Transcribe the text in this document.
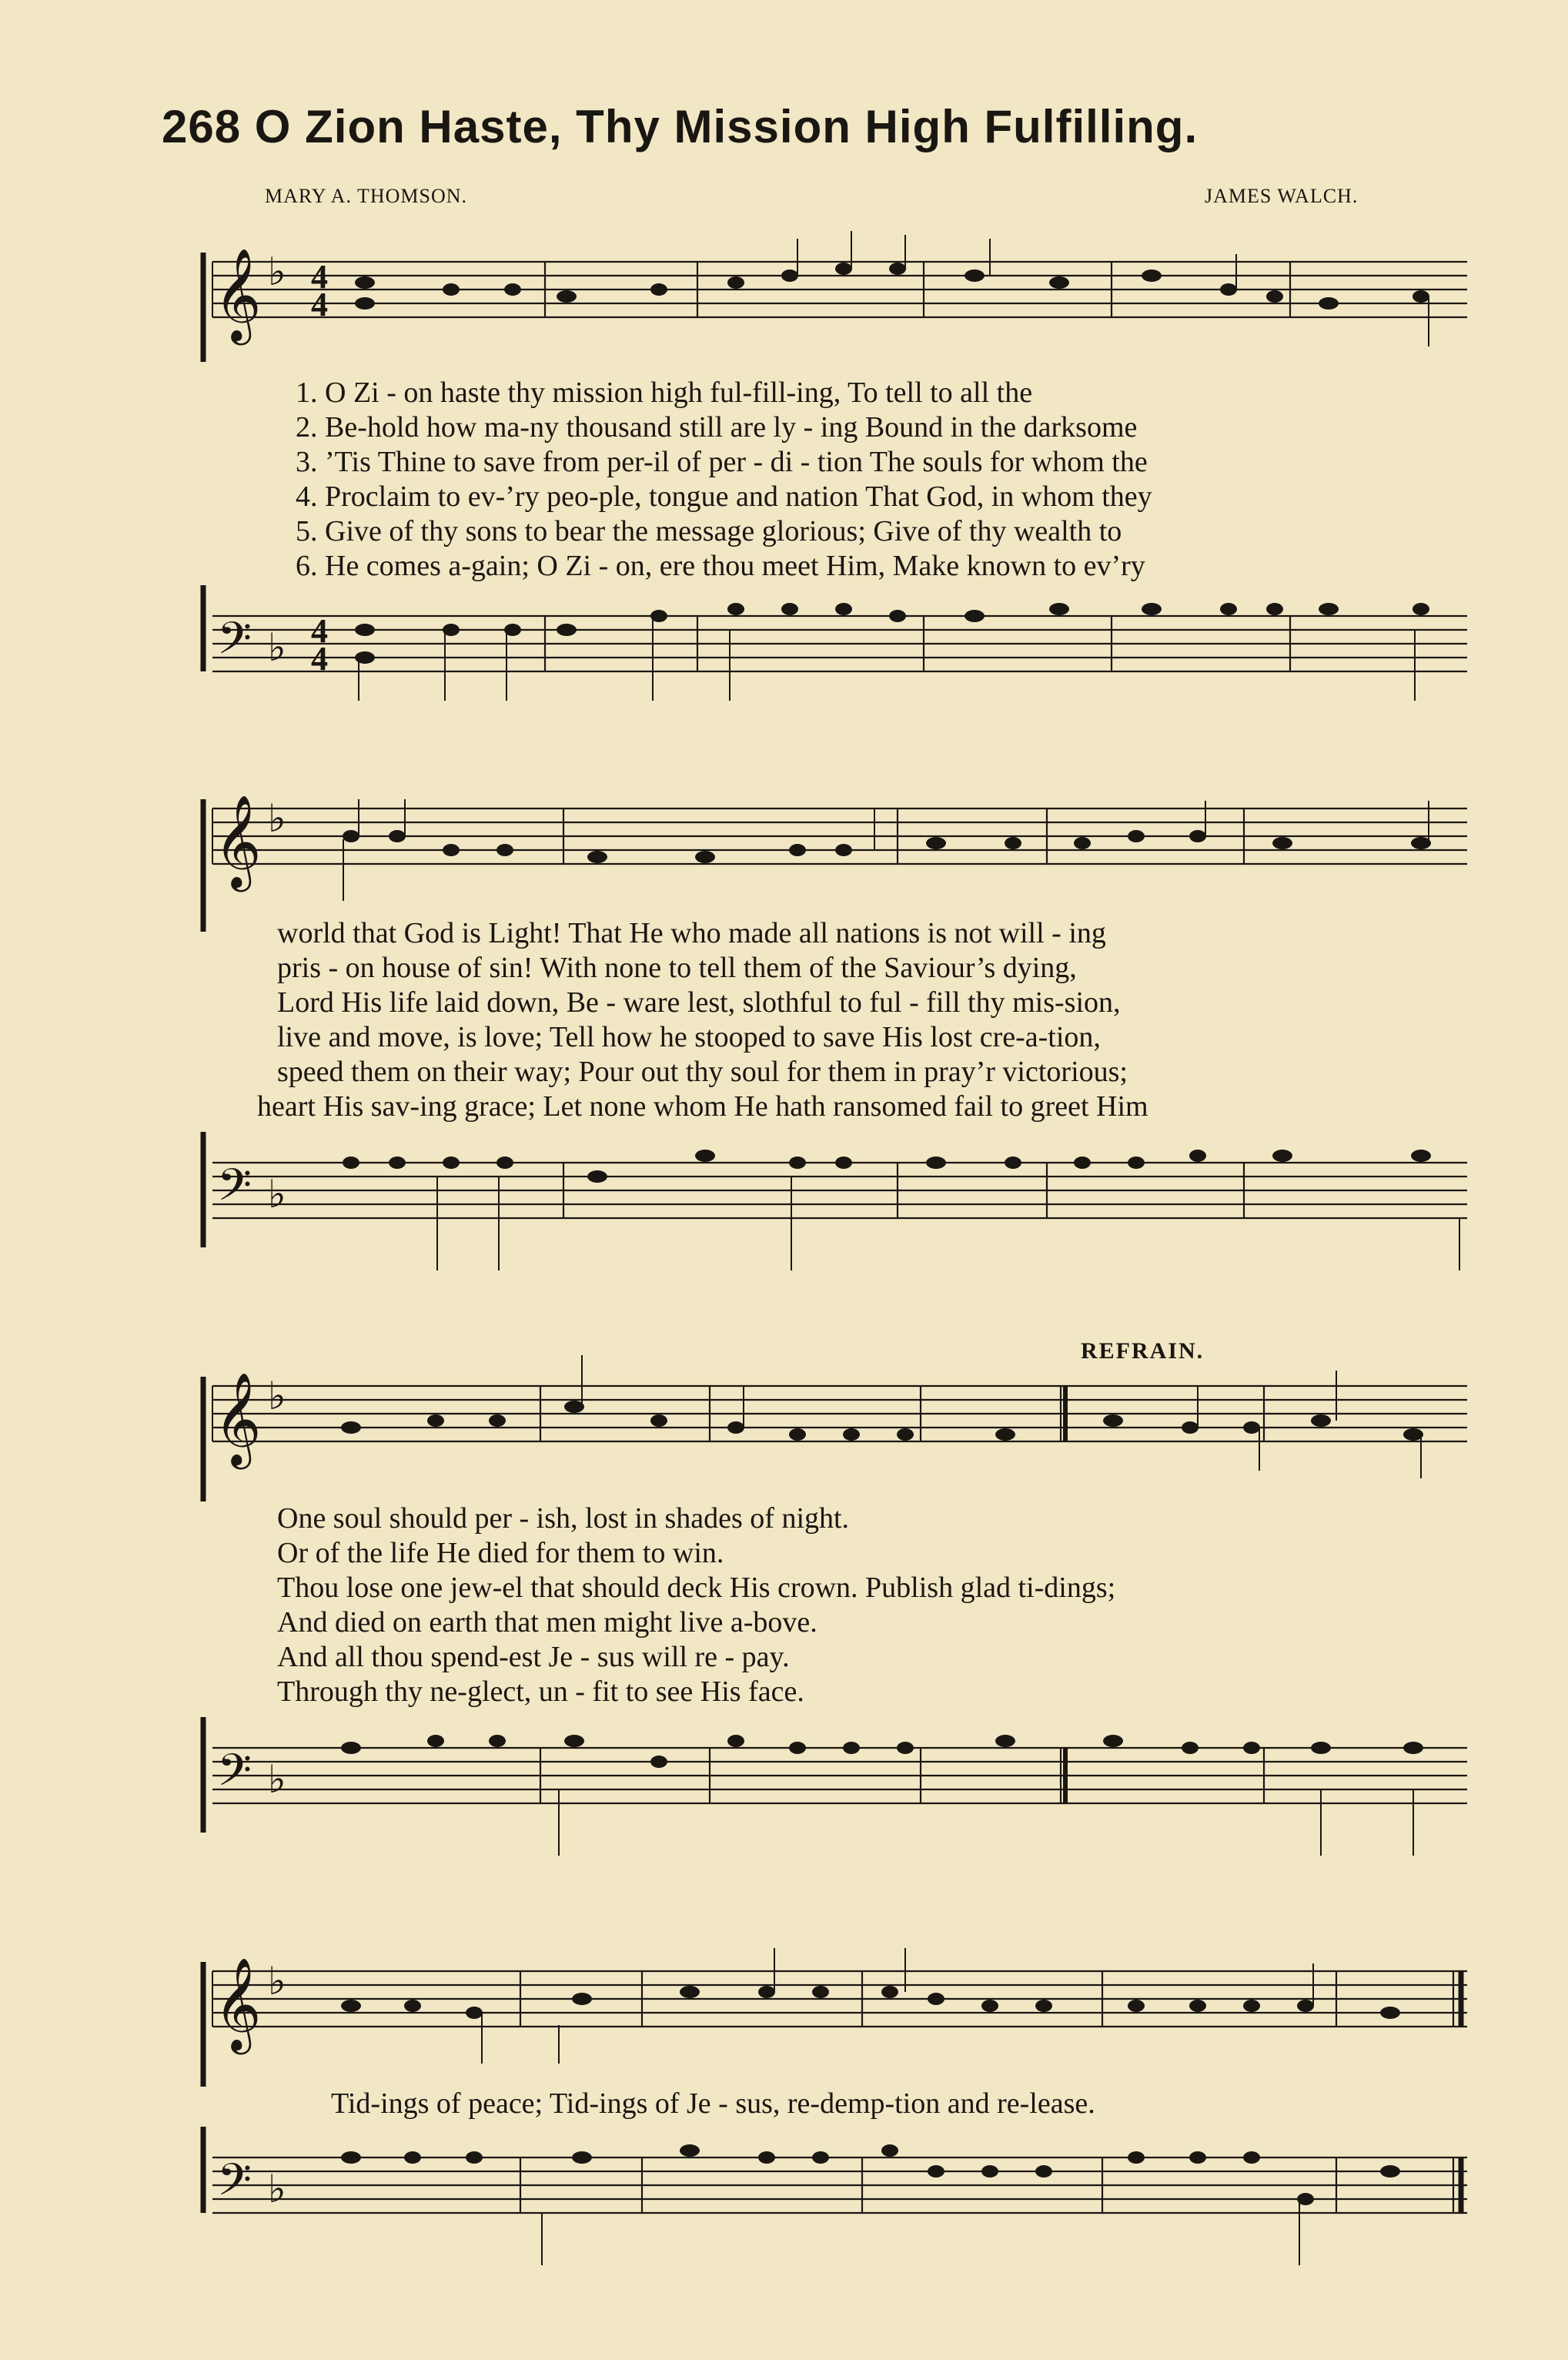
268 O Zion Haste, Thy Mission High Fulfilling.
MARY A. THOMSON.	JAMES WALCH.
𝄞 ♭ 4
4
1. O Zi - on haste thy mission high ful-fill-ing, To tell to all the
2. Be-hold how ma-ny thousand still are ly - ing Bound in the darksome
3. ’Tis Thine to save from per-il of per - di - tion The souls for whom the
4. Proclaim to ev-’ry peo-ple, tongue and nation That God, in whom they
5. Give of thy sons to bear the message glorious; Give of thy wealth to
6. He comes a-gain; O Zi - on, ere thou meet Him, Make known to ev’ry
𝄢 ♭ 4
4
𝄞 ♭
world that God is Light! That He who made all nations is not will - ing
pris - on house of sin! With none to tell them of the Saviour’s dying,
Lord His life laid down, Be - ware lest, slothful to ful - fill thy mis-sion,
live and move, is love; Tell how he stooped to save His lost cre-a-tion,
speed them on their way; Pour out thy soul for them in pray’r victorious;
heart His sav-ing grace; Let none whom He hath ransomed fail to greet Him
𝄢 ♭
REFRAIN.
𝄞 ♭
One soul should per - ish, lost in shades of night.
Or of the life He died for them to win.
Thou lose one jew-el that should deck His crown. Publish glad ti-dings;
And died on earth that men might live a-bove.
And all thou spend-est Je - sus will re - pay.
Through thy ne-glect, un - fit to see His face.
𝄢 ♭
𝄞 ♭
Tid-ings of peace; Tid-ings of Je - sus, re-demp-tion and re-lease.
𝄢 ♭
